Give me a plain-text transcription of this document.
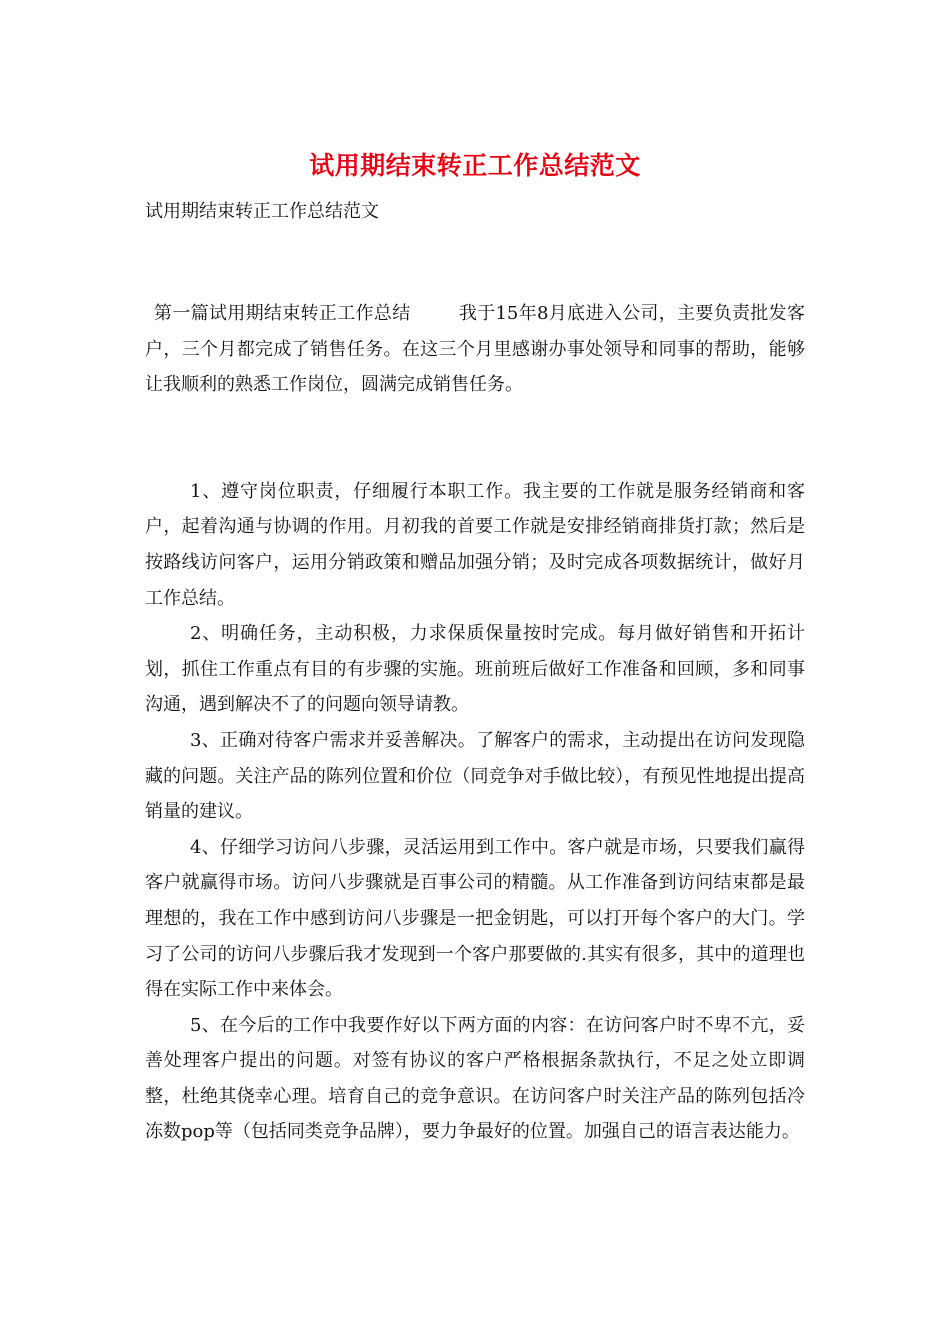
试用期结束转正工作总结范文
试用期结束转正工作总结范文

第一篇试用期结束转正工作总结	我于15年8月底进入公司，主要负责批发客户，三个月都完成了销售任务。在这三个月里感谢办事处领导和同事的帮助，能够让我顺利的熟悉工作岗位，圆满完成销售任务。

1、遵守岗位职责，仔细履行本职工作。我主要的工作就是服务经销商和客户，起着沟通与协调的作用。月初我的首要工作就是安排经销商排货打款；然后是按路线访问客户，运用分销政策和赠品加强分销；及时完成各项数据统计，做好月工作总结。

2、明确任务，主动积极，力求保质保量按时完成。每月做好销售和开拓计划，抓住工作重点有目的有步骤的实施。班前班后做好工作准备和回顾，多和同事沟通，遇到解决不了的问题向领导请教。

3、正确对待客户需求并妥善解决。了解客户的需求，主动提出在访问发现隐藏的问题。关注产品的陈列位置和价位（同竞争对手做比较），有预见性地提出提高销量的建议。

4、仔细学习访问八步骤，灵活运用到工作中。客户就是市场，只要我们赢得客户就赢得市场。访问八步骤就是百事公司的精髓。从工作准备到访问结束都是最理想的，我在工作中感到访问八步骤是一把金钥匙，可以打开每个客户的大门。学习了公司的访问八步骤后我才发现到一个客户那要做的.其实有很多，其中的道理也得在实际工作中来体会。

5、在今后的工作中我要作好以下两方面的内容：在访问客户时不卑不亢，妥善处理客户提出的问题。对签有协议的客户严格根据条款执行，不足之处立即调整，杜绝其侥幸心理。培育自己的竞争意识。在访问客户时关注产品的陈列包括冷冻数pop等（包括同类竞争品牌），要力争最好的位置。加强自己的语言表达能力。
